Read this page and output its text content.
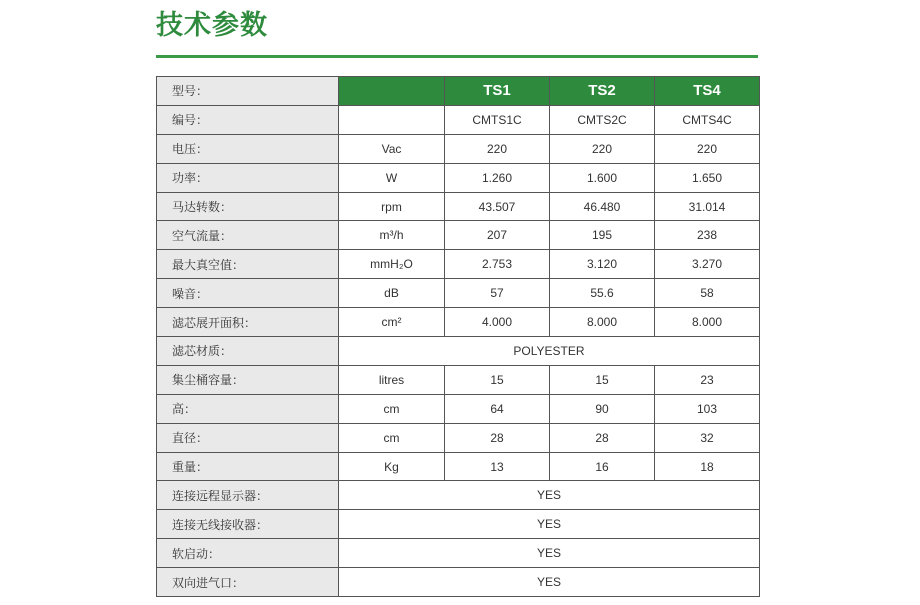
技术参数
型号：		TS1	TS2	TS4
编号：		CMTS1C	CMTS2C	CMTS4C
电压：	Vac	220	220	220
功率：	W	1.260	1.600	1.650
马达转数：	rpm	43.507	46.480	31.014
空气流量：	m³/h	207	195	238
最大真空值：	mmH₂O	2.753	3.120	3.270
噪音：	dB	57	55.6	58
滤芯展开面积：	cm²	4.000	8.000	8.000
滤芯材质：	POLYESTER			
集尘桶容量：	litres	15	15	23
高：	cm	64	90	103
直径：	cm	28	28	32
重量：	Kg	13	16	18
连接远程显示器：	YES			
连接无线接收器：	YES			
软启动：	YES			
双向进气口：	YES			
